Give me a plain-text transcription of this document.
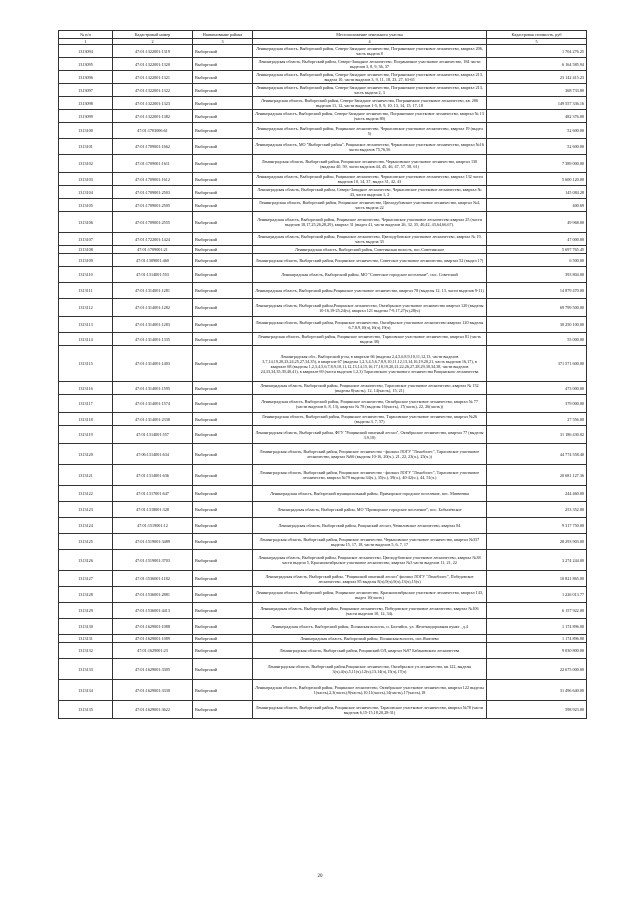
№ п/п	Кадастровый номер	Наименование района	Местоположение земельного участка	Кадастровая стоимость, руб
1	2	3	4	5
1313094	47:01:1322001:1319	Выборгский	Ленинградская область, Выборгский район, Северо-Западное лесничество, Пограничное участковое лесничество, квартал 206, часть выдела 8	1 704 276.25
1313095	47:01:1322001:1320	Выборгский	Ленинградская область, Выборгский район, Северо-Западное лесничество, Пограничное участковое лесничество, 184 части выделов 3, 8, 9, 36, 37	6 164 585.94
1313096	47:01:1322001:1321	Выборгский	Ленинградская область, Выборгский район, Северо-Западное лесничество, Пограничное участковое лесничество, квартал 213, выдела 10, части выделов 3, 9, 11, 18, 23, 27, 63-65	23 142 415.23
1313097	47:01:1322001:1322	Выборгский	Ленинградская область, Выборгский район, Северо-Западное лесничество, Пограничное участковое лесничество, квартал 213, часть выдела 2, 3	368 733.80
1313098	47:01:1322001:1323	Выборгский	Ленинградская область, Выборгский район, Северо-Западное лесничество, Пограничное участковое лесничество, кв. 206 выделов 11, 12, части выделов 1-5, 8, 9, 10, 13, 14, 15, 17, 18	149 557 336.16
1313099	47:01:1322001:1382	Выборгский	Ленинградская область, Выборгский район, Северо-Западное лесничество, Пограничное участковое лесничество, квартал № 13 (часть выдела 80)	482 376.00
1313100	47:01:1703006:61	Выборгский	Ленинградская область, Выборгский район, Рощинское лесничество, Черкасовское участковое лесничество, квартал 19 (выдел 5)	52 600.00
1313101	47:01:1709001:1662	Выборгский	Ленинградская область, МО "Выборгский район", Рощинское лесничество, Черкасовское участковое лесничество, квартал №16 части выделов 75,76,56	52 600.00
1313102	47:01:1709001:1611	Выборгский	Ленинградская область, Выборгский район, Рощинское лесничество, Черкасовское участковое лесничество, квартал 130 (выделы 40, 59, части выделов 44, 45, 46, 47, 57, 58, 61)	7 389 000.00
1313103	47:01:1709001:1612	Выборгский	Ленинградская область, Выборгский район, Рощинское лесничество, Черкасовское участковое лесничество, квартал 132 части выделов 10, 14, 37, выдел 31, 42, 43	5 600 120.00
1313104	47:01:1709001:2503	Выборгский	Ленинградская область, Выборгский район, Северо-Западное лесничество, Черкасовское участковое лесничество, квартал № 43, части выделов 1, 2	145 084.28
1313105	47:01:1709001:2505	Выборгский	Ленинградская область, Выборгский район, Рощинское лесничество, Цвелодубовское участковое лесничество, квартал №4, часть выдела 22	400.69
1313106	47:01:1709001:2555	Выборгский	Ленинградская область, Выборгский район, Рощинское лесничество, Черкасовское участковое лесничество квартал 25 (части выделов 18,17,25,26,28,29), квартал 31 (выдел 41, части выделов 26, 32, 35, 40,42, 43,64,66,67).	49 968.00
1313107	47:01:1722001:1424	Выборгский	Ленинградская область, Выборгский район, Рощинское лесничество, Цвелодубовское участковое лесничество, квартал № 19, часть выдела 33	47 000.00
1313108	47:01:1709001:21	Выборгский	Ленинградская область, Выборгский район, Советинская волость, пос.Советинское	5 697 765.45
1313109	47:01:1309001:460	Выборгский	Ленинградская область, Выборгский район, Рощинское лесничество, Советское участковое лесничество, квартал 52 (выдел 17)	6 500.00
1313110	47:01:1314001:553	Выборгский	Ленинградская область, Выборгский район, МО "Советское городское поселение", пос. Советский	393 804.00
1313111	47:01:1314001:1281	Выборгский	Ленинградская область, Выборгский район,Рощинское участковое лесничество, квартал 78 (выделы 12, 13, части выделов 9-11)	14 879 470.00
1313112	47:01:1314001:1282	Выборгский	Ленинградская область, Выборгский район,Рощинское лесничество, Октябрьское участковое лесничество квартал 120 (выделы 10-16,19-25,24(ч), квартал 121 выделы 7-9,17,27(ч),28(ч)	69 799 500.00
1313113	47:01:1314001:1283	Выборгский	Ленинградская область, Выборгский район, Рощинское лесничество, Октябрьское участковое лесничество квартал 120 выделы 6,7,8,9,10(ч),16(ч),19(ч)	30 250 100.00
1313114	47:01:1314001:1335	Выборгский	Ленинградская область, Выборгский район, Рощинское лесничество, Тарасовское участковое лесничество, квартал 81 (часть выдела 38)	55 000.00
1313115	47:01:1314001:1403	Выборгский	Ленинградская обл., Выборгский р-он, в квартале 66 (выделы 2,4,5,6,8,9,10,11,12,13, части выделов 3,7,14,19,20,23,24,25,27,34,35), в квартале 67 (выделы 1,2,3,4,5,6,7,8,9,10,11,12,13,14,16,19,20,21, часть выделов 16,17), в квартале 68 (выделы 1,2,3,4,5,6,7,8,9,10,11,12,13,14,15,16,17,18,19,20,21,22,26,27,28,29,30,34,38, части выделов 24,33,34,35,39,40,41), в квартале 69 (части выделов 1,2,3) Тарасовского участкового лесничества Рощинского лесничества	371 571 600.00
1313116	47:01:1314001:1595	Выборгский	Ленинградская область, Выборгский район, Рощинское лесничество, Тарасовское участковое лесничество, квартал № 152 (выделы 8(часть), 12, 14(часть), 15, 21)	473 000.00
1313117	47:01:1314001:1574	Выборгский	Ленинградская область, Выборгский район, Рощинское лесничество, Октябрьское участковое лесничество, квартал № 77 (части выделов 6, 8, 13), квартал № 78 (выделы 16(часть), 17(часть), 22, 26(часть))	379 000.00
1313118	47:01:1314001:2338	Выборгский	Ленинградская область, Выборгский район, Рощинское лесничество, Тарасовское участковое лесничество, квартал №26 (выделы 3, 7, 57)	27 556.00
1313119	47:01:1314001:557	Выборгский	Ленинградская область, Выборгский район, ФГУ "Рощинский опытный лесхоз", Октябрьское лесничество, квартал 77 (выделы 3,9,10)	31 186 430.02
1313120	47:06:1314001:634	Выборгский	Ленинградская область, Выборгский район, Рощинское лесничество - филиал ЛОГУ "Ленобллес", Тарасовское участковое лесничество, квартал №66 (выделы 10-16, 20(ч.), 21, 22, 23(ч.), 25(ч.))	44 774 558.40
1313121	47:01:1314001:636	Выборгский	Ленинградская область, Выборгский район, Рощинское лесничество - филиал ЛОГУ "Ленобллес", Тарасовское участковое лесничество, квартал №79 выделы 34(ч.), 35(ч.), 39(ч.), 40-42(ч.), 44, 51(ч.)	20 681 127.36
1313122	47:01:1317001:647	Выборгский	Ленинградская область, Выборгский муниципальный район, Приморское городское поселение, пос. Матвеевка	244 460.00
1313123	47:01:1318001:328	Выборгский	Ленинградская область, Выборгский район, МО "Приморское городское поселение", пос. Бобылёвское	253 352.00
1313124	47:01:1519001:12	Выборгский	Ленинградская область, Выборгский район, Рощинский лесхоз, Чемиловское лесничество, квартал 84	9 317 750.00
1313125	47:01:1519001:3489	Выборгский	Ленинградская область, Выборгский район, Рощинское лесничество, Черкасовское участковое лесничество, квартал №337 выделы 15, 17, 18, части выделов 5, 6, 7, 17	28 293 903.00
1313126	47:01:1519001:3703	Выборгский	Ленинградская область, Выборгский район, Рощинское лесничество, Цвелодубовское участковое лесничество, квартал №38 части выдела 5, Краснооктябрьское участковое лесничество, квартал №3 части выделов 11, 21, 22	3 274 244.00
1313127	47:01:1536001:1182	Выборгский	Ленинградская область, Выборгский район, "Рощинский опытный лесхоз" филиал ЛОГУ "Ленобллес", Победовское лесничество, квартал 85 выделы 8(ч),9(ч),9(ч),13(ч),15(ч)	10 821 865.00
1313128	47:01:1536001:2881	Выборгский	Ленинградская область, Выборгский район, Рощинское лесничество, Краснооктябрьское участковое лесничество, квартал 143, выдел 10(часть)	1 226 013.77
1313129	47:01:1536001:4413	Выборгский	Ленинградская область, Выборгский район, Рощинское лесничество, Победовское участковое лесничество, квартал №106 (части выделов 10, 12, 34).	6 157 922.00
1313130	47:01:1629001:1088	Выборгский	Ленинградская область, Выборгский район, Полянская волость, п. Балтийск, ул. Железнодорожная пункт , д.4	1 174 896.00
1313131	47:01:1629001:1089	Выборгский	Ленинградская область, Выборгский район, Полянская волость, пос.Яшелево	1 174 896.00
1313132	47:01:1629001:23	Выборгский	Ленинградская область, Выборгский район, Рощинский ОЛ, квартал №97 Бабановского лесничества	9 030 800.00
1313133	47:01:1629001:3305	Выборгский	Ленинградская область, Выборгский район,Рощинское лесничество, Октябрьское уч.лесничество, кв.122, выделы 3(ч),4(ч),5,11(ч),12(ч),13,14(ч),15(ч),17(ч)	22 675 000.00
1313134	47:01:1629001:3330	Выборгский	Ленинградская область, Выборгский район, Рощинское лесничество, Октябрьское участковое лесничество, квартал 122 выделы 1(часть),2,3(часть),9(часть),10,11(часть),14(часть),17(часть),18	31 496 640.00
1313135	47:01:1629001:3622	Выборгский	Ленинградская область, Выборгский район, Рощинское лесничество, Тарасовское участковое лесничество, квартал №78 (части выделов 6,15-15,18,20,28-31)	598 923.00
20
